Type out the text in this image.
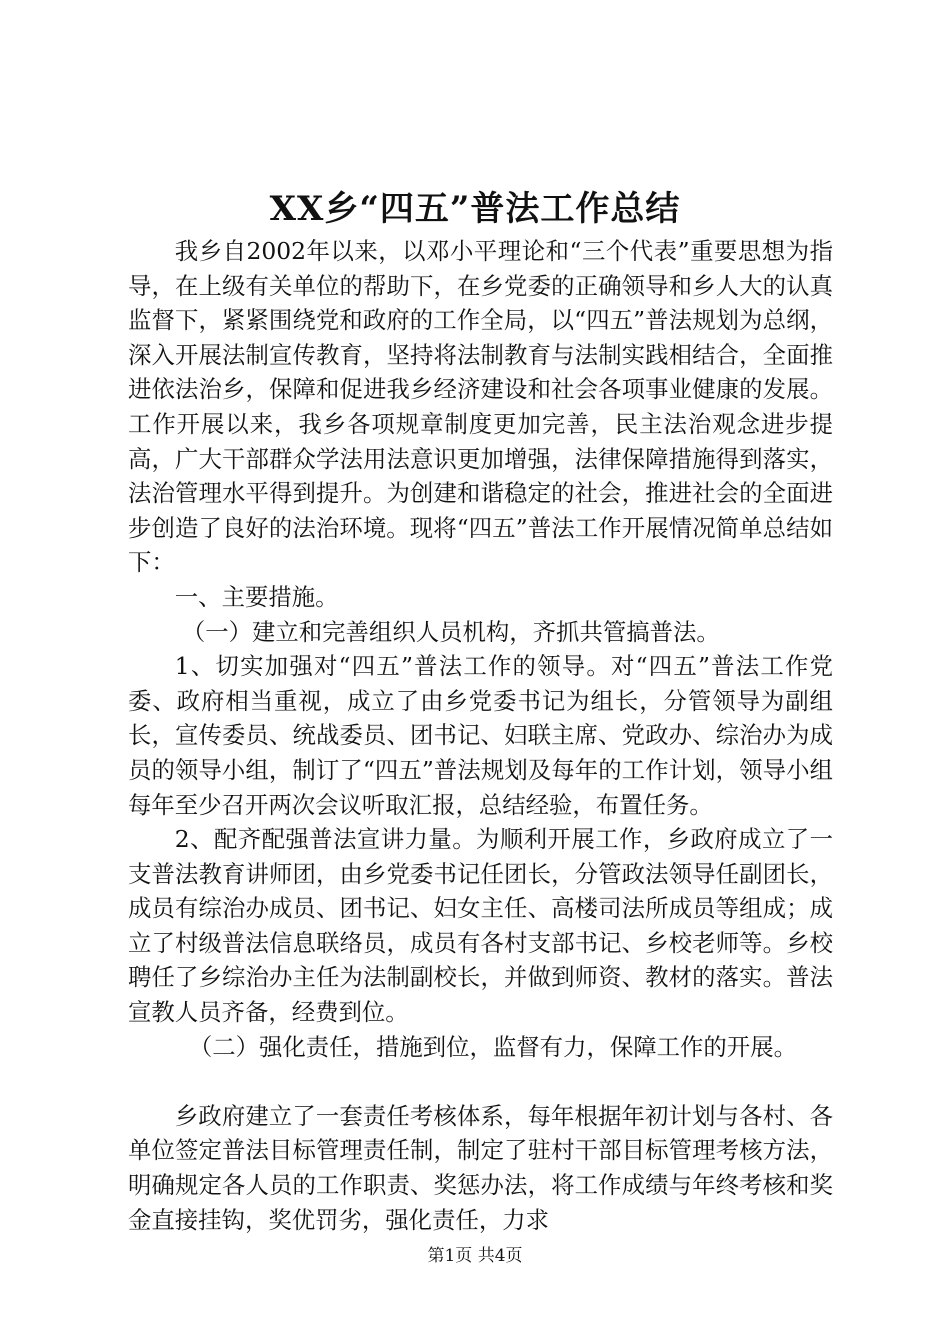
XX乡“四五”普法工作总结

我乡自2002年以来，以邓小平理论和“三个代表”重要思想为指导，在上级有关单位的帮助下，在乡党委的正确领导和乡人大的认真监督下，紧紧围绕党和政府的工作全局，以“四五”普法规划为总纲，深入开展法制宣传教育，坚持将法制教育与法制实践相结合，全面推进依法治乡，保障和促进我乡经济建设和社会各项事业健康的发展。工作开展以来，我乡各项规章制度更加完善，民主法治观念进步提高，广大干部群众学法用法意识更加增强，法律保障措施得到落实，法治管理水平得到提升。为创建和谐稳定的社会，推进社会的全面进步创造了良好的法治环境。现将“四五”普法工作开展情况简单总结如下：

一、主要措施。

（一）建立和完善组织人员机构，齐抓共管搞普法。

1、切实加强对“四五”普法工作的领导。对“四五”普法工作党委、政府相当重视，成立了由乡党委书记为组长，分管领导为副组长，宣传委员、统战委员、团书记、妇联主席、党政办、综治办为成员的领导小组，制订了“四五”普法规划及每年的工作计划，领导小组每年至少召开两次会议听取汇报，总结经验，布置任务。

2、配齐配强普法宣讲力量。为顺利开展工作，乡政府成立了一支普法教育讲师团，由乡党委书记任团长，分管政法领导任副团长，成员有综治办成员、团书记、妇女主任、高楼司法所成员等组成；成立了村级普法信息联络员，成员有各村支部书记、乡校老师等。乡校聘任了乡综治办主任为法制副校长，并做到师资、教材的落实。普法宣教人员齐备，经费到位。

（二）强化责任，措施到位，监督有力，保障工作的开展。

乡政府建立了一套责任考核体系，每年根据年初计划与各村、各单位签定普法目标管理责任制，制定了驻村干部目标管理考核方法，明确规定各人员的工作职责、奖惩办法，将工作成绩与年终考核和奖金直接挂钩，奖优罚劣，强化责任，力求

第1页 共4页
